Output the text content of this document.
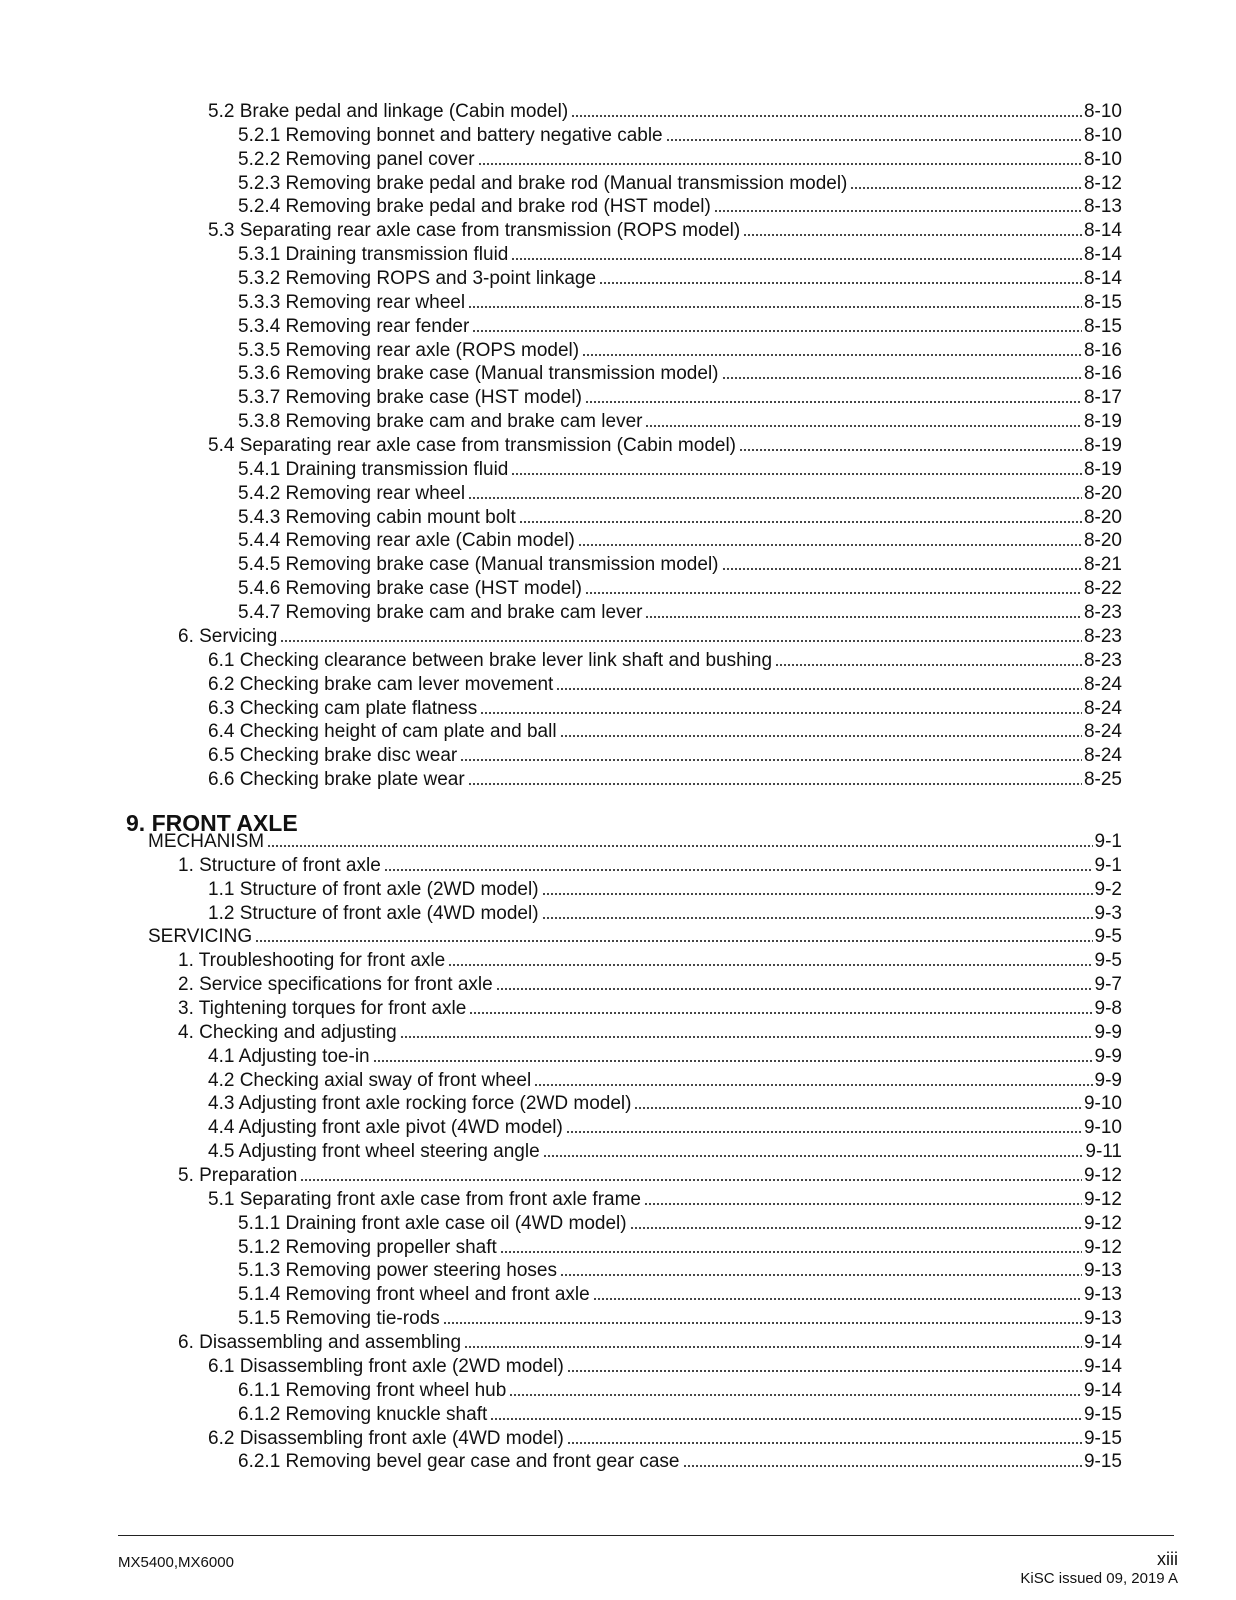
5.2 Brake pedal and linkage (Cabin model)	8-10
5.2.1 Removing bonnet and battery negative cable	8-10
5.2.2 Removing panel cover	8-10
5.2.3 Removing brake pedal and brake rod (Manual transmission model)	8-12
5.2.4 Removing brake pedal and brake rod (HST model)	8-13
5.3 Separating rear axle case from transmission (ROPS model)	8-14
5.3.1 Draining transmission fluid	8-14
5.3.2 Removing ROPS and 3-point linkage	8-14
5.3.3 Removing rear wheel	8-15
5.3.4 Removing rear fender	8-15
5.3.5 Removing rear axle (ROPS model)	8-16
5.3.6 Removing brake case (Manual transmission model)	8-16
5.3.7 Removing brake case (HST model)	8-17
5.3.8 Removing brake cam and brake cam lever	8-19
5.4 Separating rear axle case from transmission (Cabin model)	8-19
5.4.1 Draining transmission fluid	8-19
5.4.2 Removing rear wheel	8-20
5.4.3 Removing cabin mount bolt	8-20
5.4.4 Removing rear axle (Cabin model)	8-20
5.4.5 Removing brake case (Manual transmission model)	8-21
5.4.6 Removing brake case (HST model)	8-22
5.4.7 Removing brake cam and brake cam lever	8-23
6. Servicing	8-23
6.1 Checking clearance between brake lever link shaft and bushing	8-23
6.2 Checking brake cam lever movement	8-24
6.3 Checking cam plate flatness	8-24
6.4 Checking height of cam plate and ball	8-24
6.5 Checking brake disc wear	8-24
6.6 Checking brake plate wear	8-25
MECHANISM	9-1
1. Structure of front axle	9-1
1.1 Structure of front axle (2WD model)	9-2
1.2 Structure of front axle (4WD model)	9-3
SERVICING	9-5
1. Troubleshooting for front axle	9-5
2. Service specifications for front axle	9-7
3. Tightening torques for front axle	9-8
4. Checking and adjusting	9-9
4.1 Adjusting toe-in	9-9
4.2 Checking axial sway of front wheel	9-9
4.3 Adjusting front axle rocking force (2WD model)	9-10
4.4 Adjusting front axle pivot (4WD model)	9-10
4.5 Adjusting front wheel steering angle	9-11
5. Preparation	9-12
5.1 Separating front axle case from front axle frame	9-12
5.1.1 Draining front axle case oil (4WD model)	9-12
5.1.2 Removing propeller shaft	9-12
5.1.3 Removing power steering hoses	9-13
5.1.4 Removing front wheel and front axle	9-13
5.1.5 Removing tie-rods	9-13
6. Disassembling and assembling	9-14
6.1 Disassembling front axle (2WD model)	9-14
6.1.1 Removing front wheel hub	9-14
6.1.2 Removing knuckle shaft	9-15
6.2 Disassembling front axle (4WD model)	9-15
6.2.1 Removing bevel gear case and front gear case	9-15
9. FRONT AXLE
MX5400,MX6000	xiii
KiSC issued 09, 2019 A
